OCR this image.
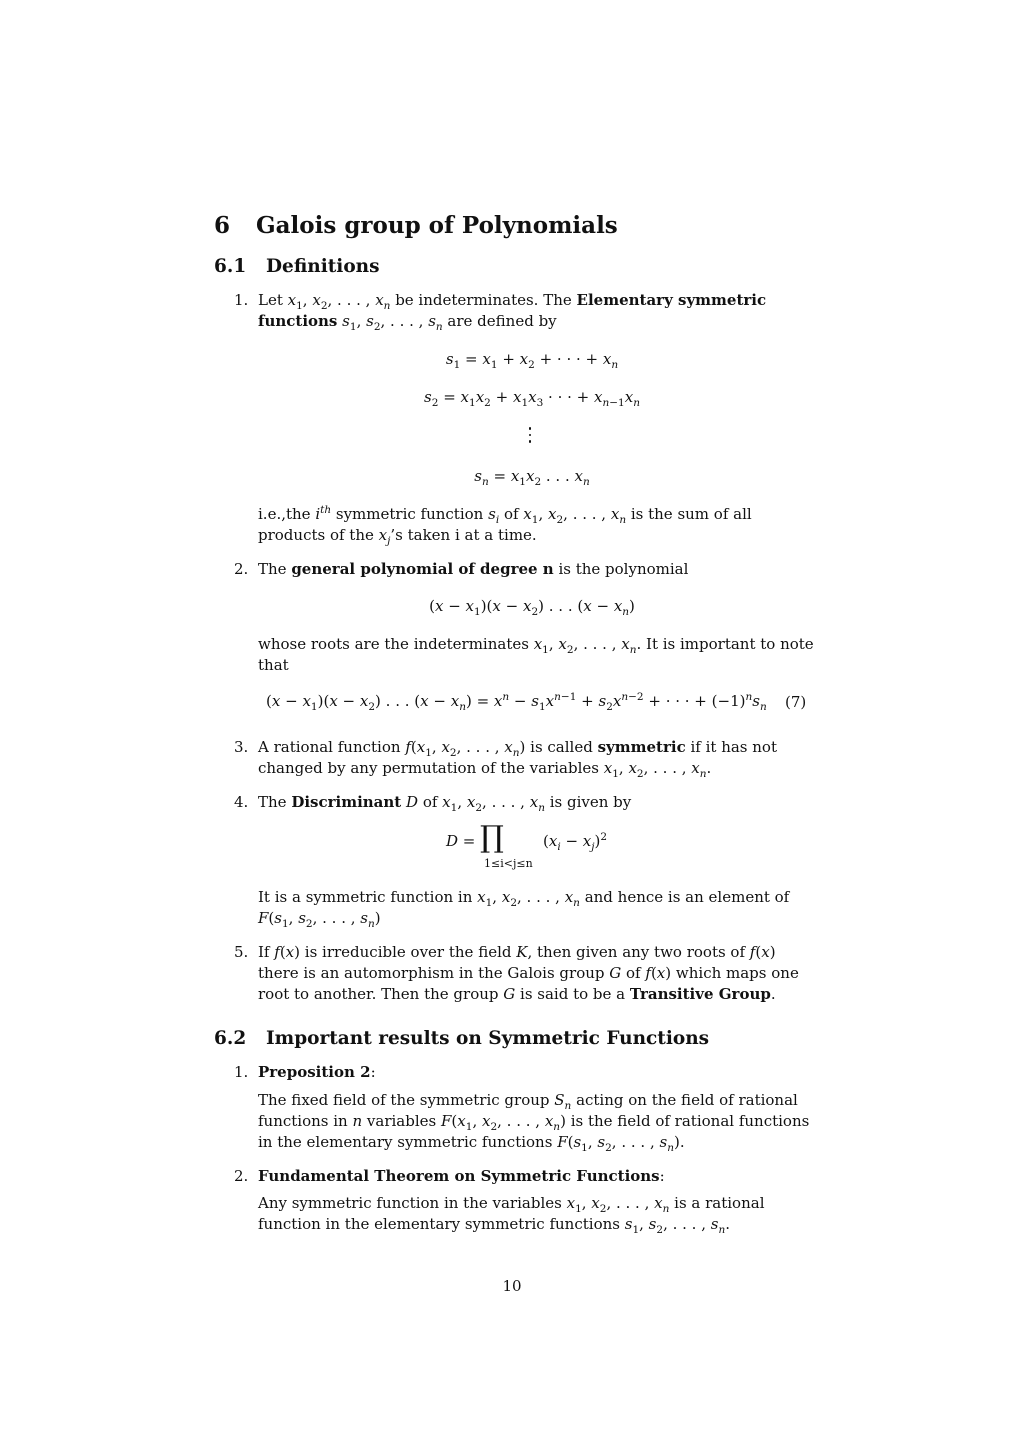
6 Galois group of Polynomials
6.1 Definitions
1. Let $x_1$, $x_2$, . . . , $x_n$ be indeterminates. The Elementary symmetric
functions $s_1$, $s_2$, . . . , $s_n$ are defined by
$s_1 = x_1 + x_2$ + · · · + $x_n$
$s_2 = x_1x_2 + x_1x_3$ · · · + $x_{n-1}x_n$
$s_n = x_1x_2$ . . . $x_n$
i.e.,the $i^{th}$ symmetric function $s_i$ of $x_1$, $x_2$, . . . , $x_n$ is the sum of all
products of the $x_j’s$ taken i at a time.
2. The general polynomial of degree n is the polynomial
$(x - x_1)(x - x_2)$ . . . $(x - x_n)$
whose roots are the indeterminates $x_1$, $x_2$, . . . , $x_n$. It is important to note
that
$(x - x_1)(x - x_2)$ . . . $(x - x_n) = x^n - s_1x^{n-1} + s_2x^{n-2}$ + · · · + $(-1)^ns_n$ (7)
3. A rational function $f(x_1$, $x_2$, . . . , $x_n$) is called symmetric if it has not
changed by any permutation of the variables $x_1$, $x_2$, . . . , $x_n$.
4. The Discriminant D of $x_1$, $x_2$, . . . , $x_n$ is given by
D = ∏
1≤i<j≤n
$(x_i - x_j)^2$
It is a symmetric function in $x_1$, $x_2$, . . . , $x_n$ and hence is an element of
$F(s_1$, $s_2$, . . . , $s_n$)
5. If f(x) is irreducible over the field K, then given any two roots of f(x)
there is an automorphism in the Galois group G of f(x) which maps one
root to another. Then the group G is said to be a Transitive Group.
6.2 Important results on Symmetric Functions
1. Preposition 2:
The fixed field of the symmetric group $S_n$ acting on the field of rational
functions in n variables $F(x_1$, $x_2$, . . . , $x_n$) is the field of rational functions
in the elementary symmetric functions $F(s_1$, $s_2$, . . . , $s_n$).
2. Fundamental Theorem on Symmetric Functions:
Any symmetric function in the variables $x_1$, $x_2$, . . . , $x_n$ is a rational
function in the elementary symmetric functions $s_1$, $s_2$, . . . , $s_n$.
10
